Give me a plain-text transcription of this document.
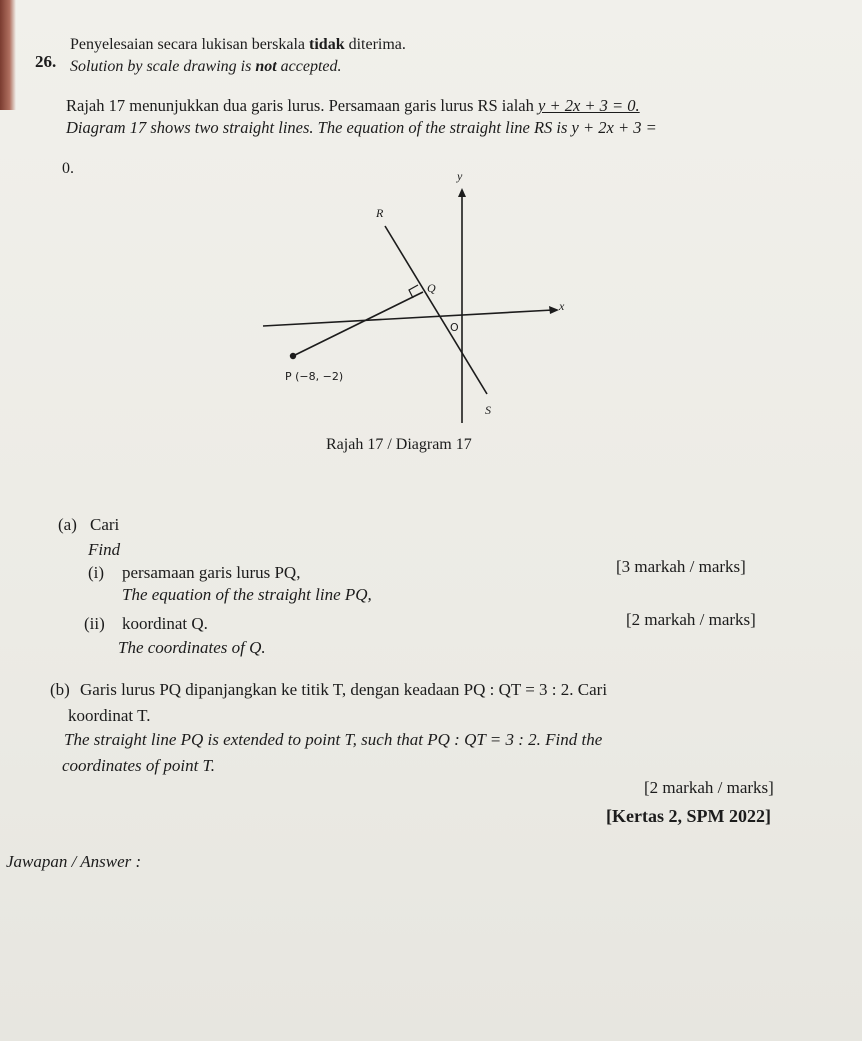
26.
Penyelesaian secara lukisan berskala tidak diterima.
Solution by scale drawing is not accepted.
Rajah 17 menunjukkan dua garis lurus. Persamaan garis lurus RS ialah y + 2x + 3 = 0.
Diagram 17 shows two straight lines. The equation of the straight line RS is y + 2x + 3 =
0.	y
x
O
R
Q
S
P (−8, −2)
Rajah 17 / Diagram 17
(a) Cari
Find
(i) persamaan garis lurus PQ,
The equation of the straight line PQ,
[3 markah / marks]
(ii) koordinat Q.
The coordinates of Q.
[2 markah / marks]
(b) Garis lurus PQ dipanjangkan ke titik T, dengan keadaan PQ : QT = 3 : 2. Cari
koordinat T.
The straight line PQ is extended to point T, such that PQ : QT = 3 : 2. Find the
coordinates of point T.
[2 markah / marks]
[Kertas 2, SPM 2022]
Jawapan / Answer :
